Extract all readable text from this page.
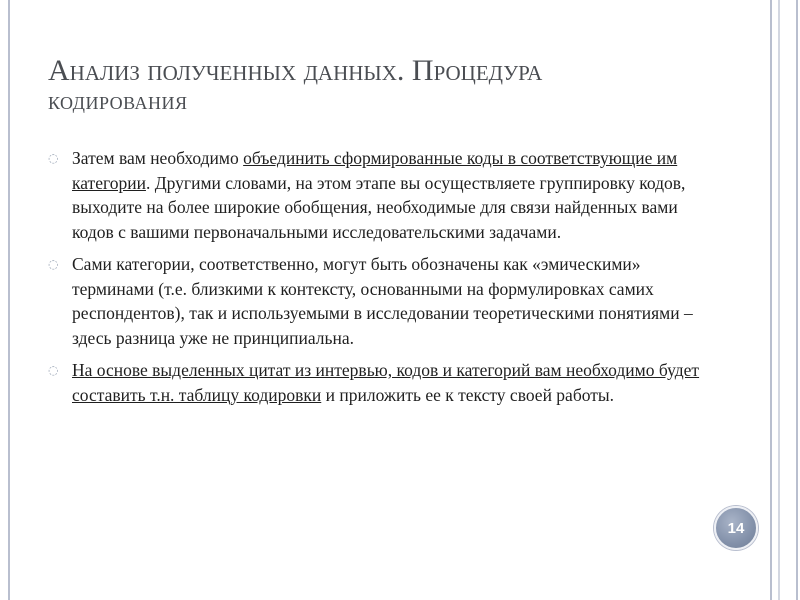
Анализ полученных данных. Процедура
кодирования

◌ Затем вам необходимо объединить сформированные коды в соответствующие им категории. Другими словами, на этом этапе вы осуществляете группировку кодов, выходите на более широкие обобщения, необходимые для связи найденных вами кодов с вашими первоначальными исследовательскими задачами.

◌ Сами категории, соответственно, могут быть обозначены как «эмическими» терминами (т.е. близкими к контексту, основанными на формулировках самих респондентов), так и используемыми в исследовании теоретическими понятиями – здесь разница уже не принципиальна.

◌ На основе выделенных цитат из интервью, кодов и категорий вам необходимо будет составить т.н. таблицу кодировки и приложить ее к тексту своей работы.

14
